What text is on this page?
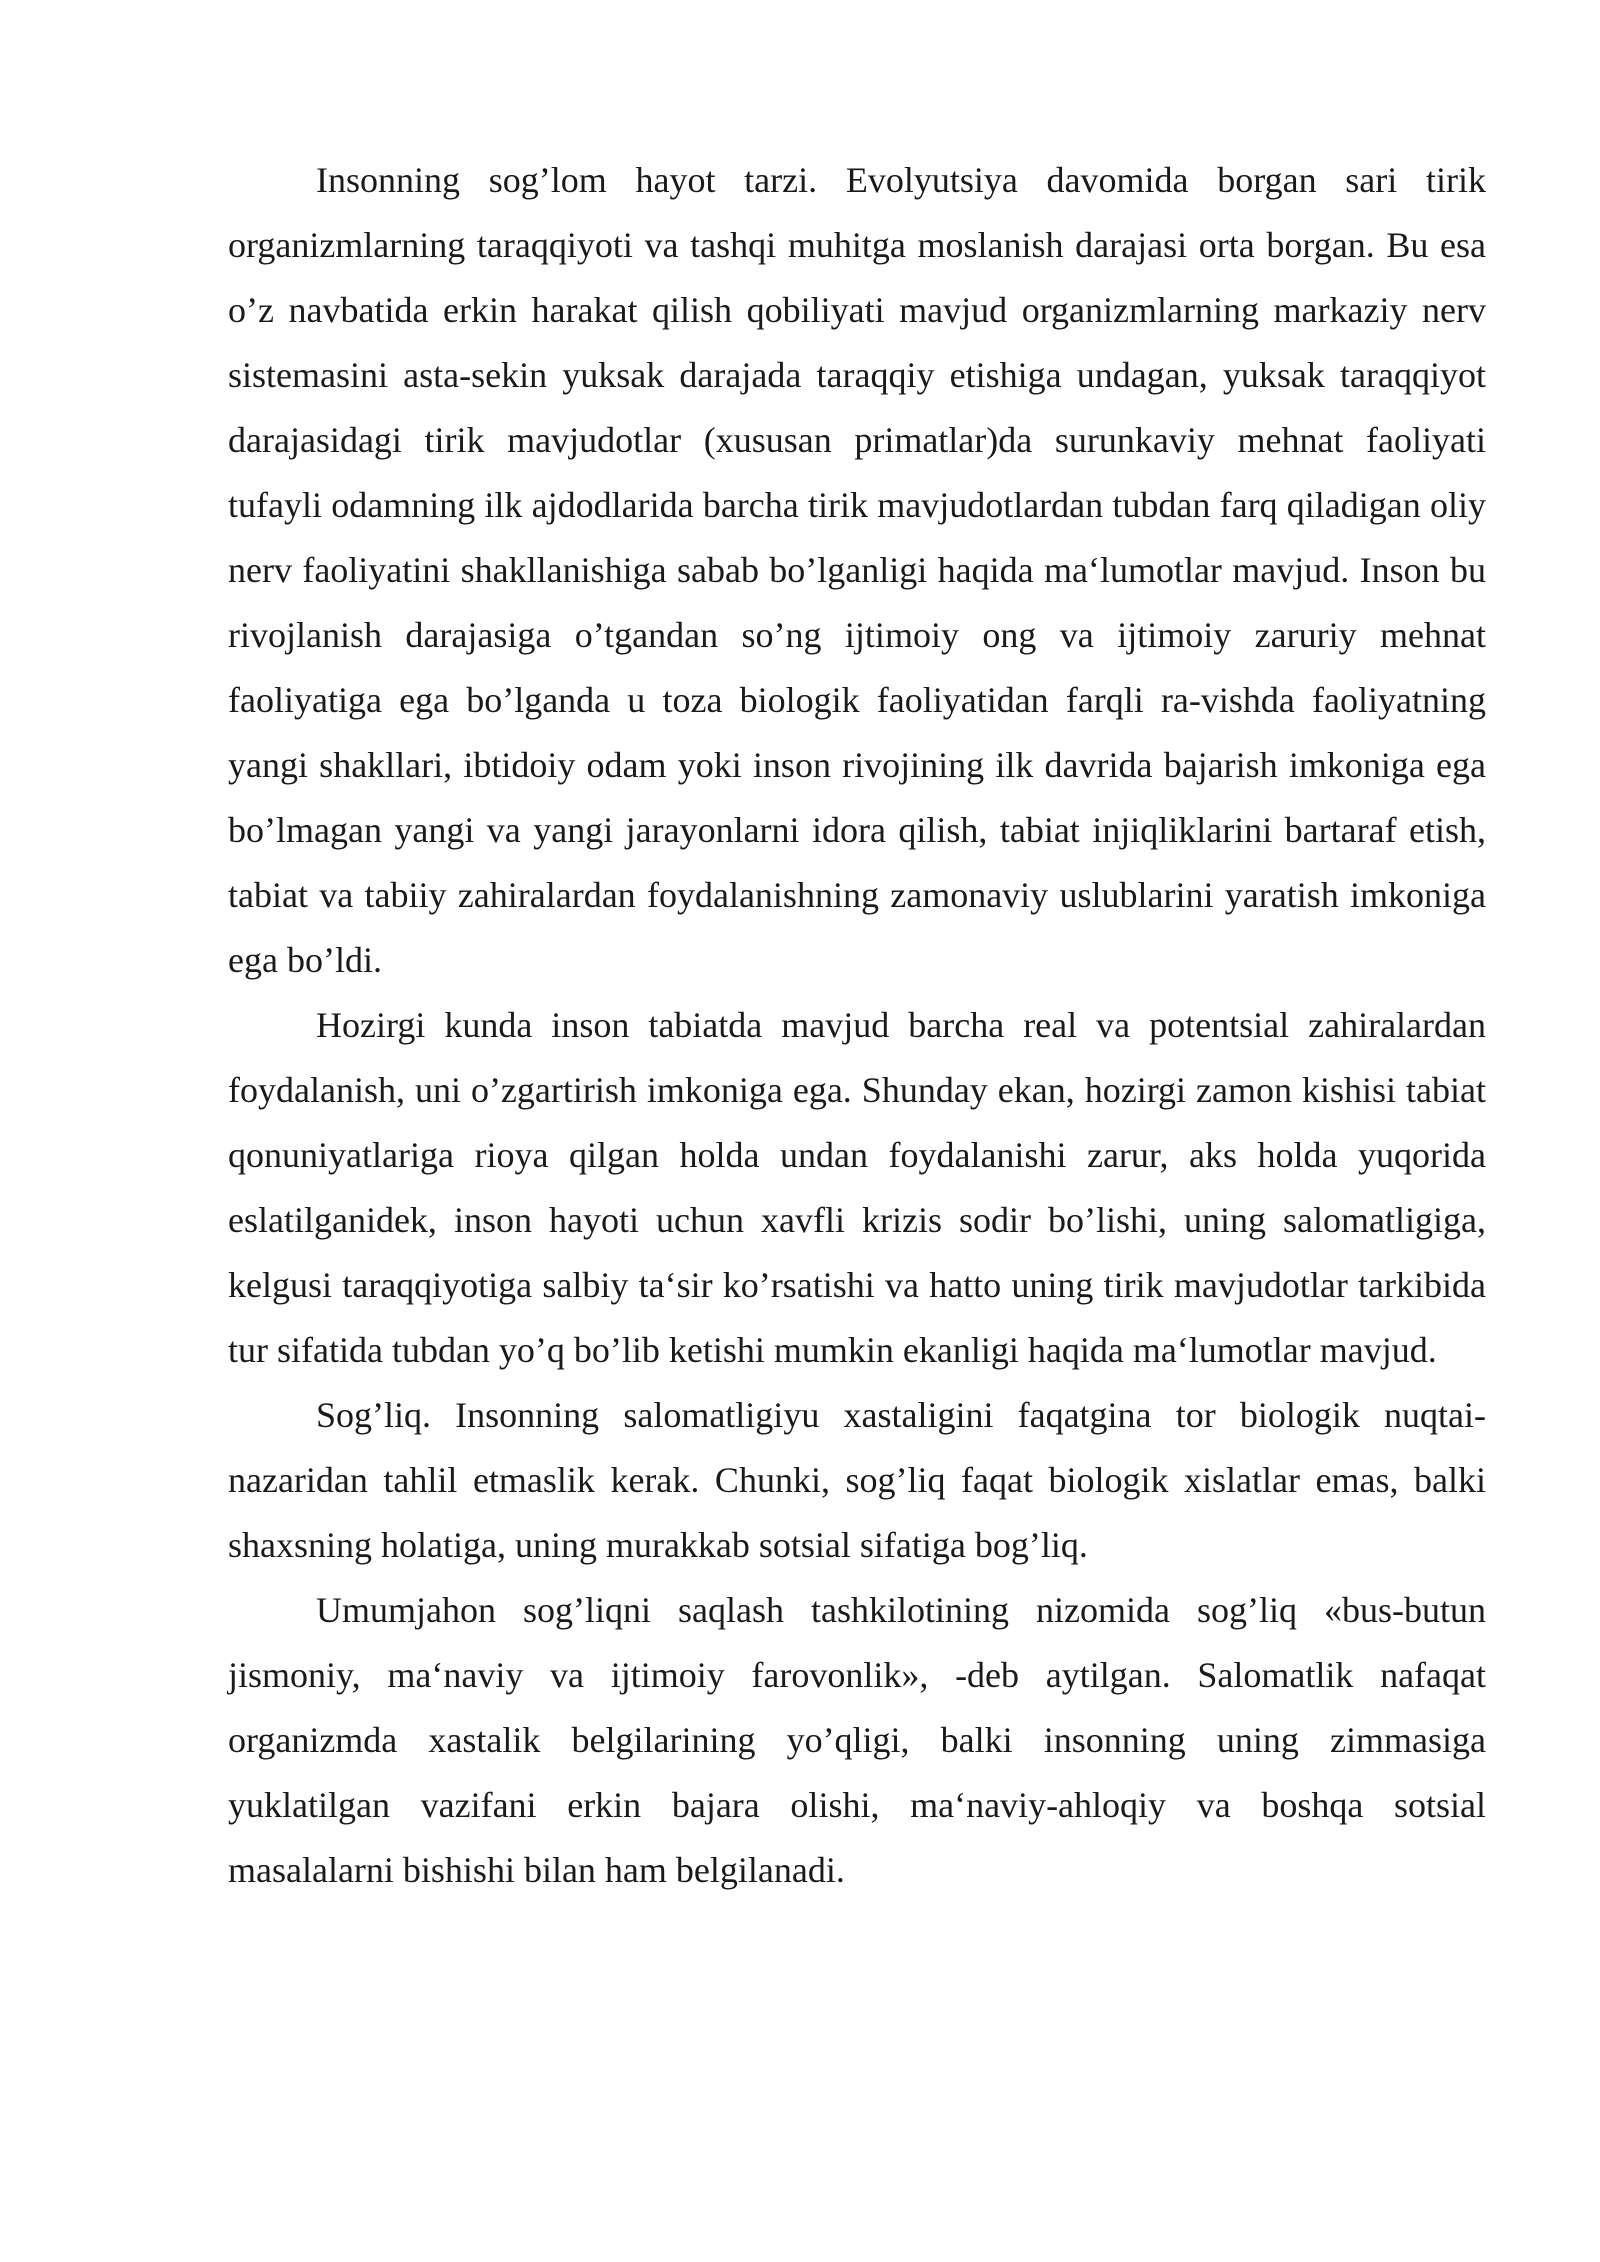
Insonning sog’lom hayot tarzi. Evolyutsiya davomida borgan sari tirik organizmlarning taraqqiyoti va tashqi muhitga moslanish darajasi orta borgan. Bu esa o’z navbatida erkin harakat qilish qobiliyati mavjud organizmlarning markaziy nerv sistemasini asta-sekin yuksak darajada taraqqiy etishiga undagan, yuksak taraqqiyot darajasidagi tirik mavjudotlar (xususan primatlar)da surunkaviy mehnat faoliyati tufayli odamning ilk ajdodlarida barcha tirik mavjudotlardan tubdan farq qiladigan oliy nerv faoliyatini shakllanishiga sabab bo’lganligi haqida ma‘lumotlar mavjud. Inson bu rivojlanish darajasiga o’tgandan so’ng ijtimoiy ong va ijtimoiy zaruriy mehnat faoliyatiga ega bo’lganda u toza biologik faoliyatidan farqli ra-vishda faoliyatning yangi shakllari, ibtidoiy odam yoki inson rivojining ilk davrida bajarish imkoniga ega bo’lmagan yangi va yangi jarayonlarni idora qilish, tabiat injiqliklarini bartaraf etish, tabiat va tabiiy zahiralardan foydalanishning zamonaviy uslublarini yaratish imkoniga ega bo’ldi.

Hozirgi kunda inson tabiatda mavjud barcha real va potentsial zahiralardan foydalanish, uni o’zgartirish imkoniga ega. Shunday ekan, hozirgi zamon kishisi tabiat qonuniyatlariga rioya qilgan holda undan foydalanishi zarur, aks holda yuqorida eslatilganidek, inson hayoti uchun xavfli krizis sodir bo’lishi, uning salomatligiga, kelgusi taraqqiyotiga salbiy ta‘sir ko’rsatishi va hatto uning tirik mavjudotlar tarkibida tur sifatida tubdan yo’q bo’lib ketishi mumkin ekanligi haqida ma‘lumotlar mavjud.

Sog’liq. Insonning salomatligiyu xastaligini faqatgina tor biologik nuqtai-nazaridan tahlil etmaslik kerak. Chunki, sog’liq faqat biologik xislatlar emas, balki shaxsning holatiga, uning murakkab sotsial sifatiga bog’liq.

Umumjahon sog’liqni saqlash tashkilotining nizomida sog’liq «bus-butun jismoniy, ma‘naviy va ijtimoiy farovonlik», -deb aytilgan. Salomatlik nafaqat organizmda xastalik belgilarining yo’qligi, balki insonning uning zimmasiga yuklatilgan vazifani erkin bajara olishi, ma‘naviy-ahloqiy va boshqa sotsial masalalarni bishishi bilan ham belgilanadi.
